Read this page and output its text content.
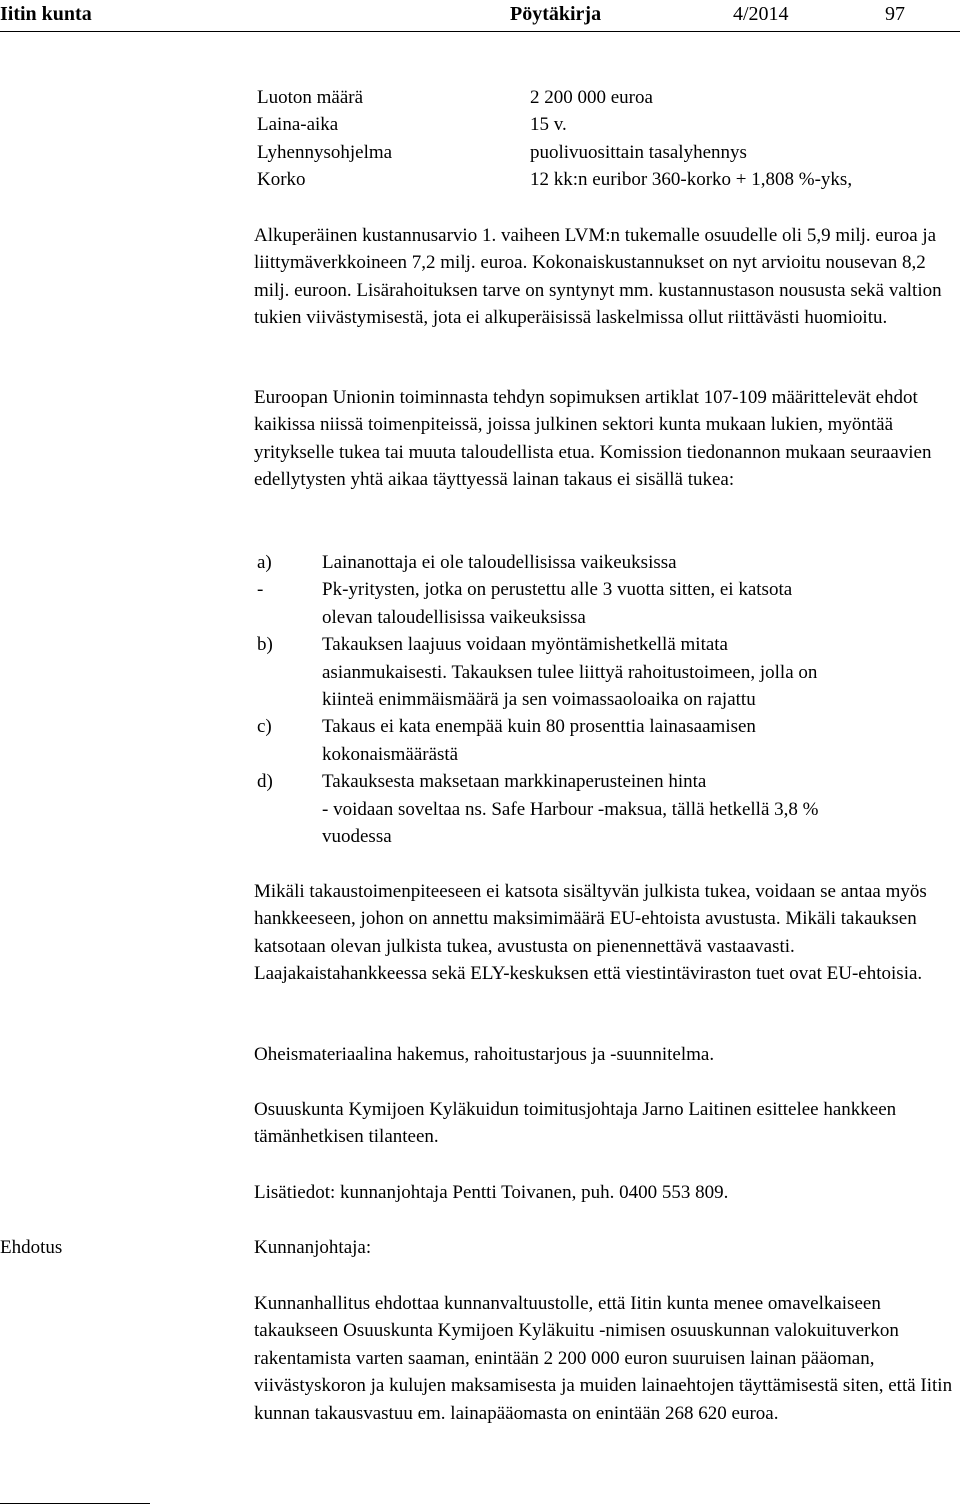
Iitin kunta	Pöytäkirja	4/2014	97
Luoton määrä	2 200 000 euroa
Laina-aika	15 v.
Lyhennysohjelma	puolivuosittain tasalyhennys
Korko	12 kk:n euribor 360-korko + 1,808 %-yks,

Alkuperäinen kustannusarvio 1. vaiheen LVM:n tukemalle osuudelle oli 5,9 milj. euroa ja liittymäverkkoineen 7,2 milj. euroa. Kokonaiskustannukset on nyt arvioitu nousevan 8,2 milj. euroon. Lisärahoituksen tarve on syntynyt mm. kustannustason noususta sekä valtion tukien viivästymisestä, jota ei alkuperäisissä laskelmissa ollut riittävästi huomioitu.

Euroopan Unionin toiminnasta tehdyn sopimuksen artiklat 107-109 määrittelevät ehdot kaikissa niissä toimenpiteissä, joissa julkinen sektori kunta mukaan lukien, myöntää yritykselle tukea tai muuta taloudellista etua. Komission tiedonannon mukaan seuraavien edellytysten yhtä aikaa täyttyessä lainan takaus ei sisällä tukea:

a)	Lainanottaja ei ole taloudellisissa vaikeuksissa
-	Pk-yritysten, jotka on perustettu alle 3 vuotta sitten, ei katsota
olevan taloudellisissa vaikeuksissa
b)	Takauksen laajuus voidaan myöntämishetkellä mitata
asianmukaisesti. Takauksen tulee liittyä rahoitustoimeen, jolla on
kiinteä enimmäismäärä ja sen voimassaoloaika on rajattu
c)	Takaus ei kata enempää kuin 80 prosenttia lainasaamisen
kokonaismäärästä
d)	Takauksesta maksetaan markkinaperusteinen hinta
- voidaan soveltaa ns. Safe Harbour -maksua, tällä hetkellä 3,8 %
vuodessa

Mikäli takaustoimenpiteeseen ei katsota sisältyvän julkista tukea, voidaan se antaa myös hankkeeseen, johon on annettu maksimimäärä EU-ehtoista avustusta. Mikäli takauksen katsotaan olevan julkista tukea, avustusta on pienennettävä vastaavasti. Laajakaistahankkeessa sekä ELY-keskuksen että viestintäviraston tuet ovat EU-ehtoisia.

Oheismateriaalina hakemus, rahoitustarjous ja -suunnitelma.

Osuuskunta Kymijoen Kyläkuidun toimitusjohtaja Jarno Laitinen esittelee hankkeen tämänhetkisen tilanteen.

Lisätiedot: kunnanjohtaja Pentti Toivanen, puh. 0400 553 809.

Ehdotus	Kunnanjohtaja:

Kunnanhallitus ehdottaa kunnanvaltuustolle, että Iitin kunta menee omavelkaiseen takaukseen Osuuskunta Kymijoen Kyläkuitu -nimisen osuuskunnan valokuituverkon rakentamista varten saaman, enintään 2 200 000 euron suuruisen lainan pääoman, viivästyskoron ja kulujen maksamisesta ja muiden lainaehtojen täyttämisestä siten, että Iitin kunnan takausvastuu em. lainapääomasta on enintään 268 620 euroa.
